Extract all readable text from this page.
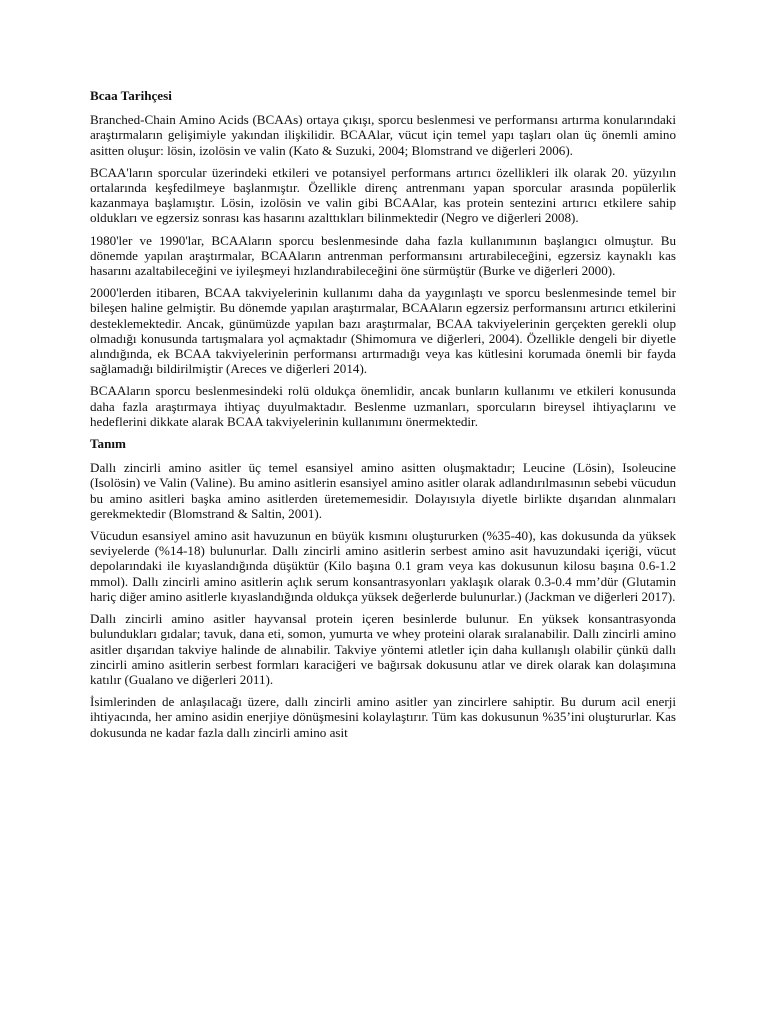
Bcaa Tarihçesi

Branched-Chain Amino Acids (BCAAs) ortaya çıkışı, sporcu beslenmesi ve performansı artırma konularındaki araştırmaların gelişimiyle yakından ilişkilidir. BCAAlar, vücut için temel yapı taşları olan üç önemli amino asitten oluşur: lösin, izolösin ve valin (Kato & Suzuki, 2004; Blomstrand ve diğerleri 2006).

BCAA'ların sporcular üzerindeki etkileri ve potansiyel performans artırıcı özellikleri ilk olarak 20. yüzyılın ortalarında keşfedilmeye başlanmıştır. Özellikle direnç antrenmanı yapan sporcular arasında popülerlik kazanmaya başlamıştır. Lösin, izolösin ve valin gibi BCAAlar, kas protein sentezini artırıcı etkilere sahip oldukları ve egzersiz sonrası kas hasarını azalttıkları bilinmektedir (Negro ve diğerleri 2008).

1980'ler ve 1990'lar, BCAAların sporcu beslenmesinde daha fazla kullanımının başlangıcı olmuştur. Bu dönemde yapılan araştırmalar, BCAAların antrenman performansını artırabileceğini, egzersiz kaynaklı kas hasarını azaltabileceğini ve iyileşmeyi hızlandırabileceğini öne sürmüştür (Burke ve diğerleri 2000).

2000'lerden itibaren, BCAA takviyelerinin kullanımı daha da yaygınlaştı ve sporcu beslenmesinde temel bir bileşen haline gelmiştir. Bu dönemde yapılan araştırmalar, BCAAların egzersiz performansını artırıcı etkilerini desteklemektedir. Ancak, günümüzde yapılan bazı araştırmalar, BCAA takviyelerinin gerçekten gerekli olup olmadığı konusunda tartışmalara yol açmaktadır (Shimomura ve diğerleri, 2004). Özellikle dengeli bir diyetle alındığında, ek BCAA takviyelerinin performansı artırmadığı veya kas kütlesini korumada önemli bir fayda sağlamadığı bildirilmiştir (Areces ve diğerleri 2014).

BCAAların sporcu beslenmesindeki rolü oldukça önemlidir, ancak bunların kullanımı ve etkileri konusunda daha fazla araştırmaya ihtiyaç duyulmaktadır. Beslenme uzmanları, sporcuların bireysel ihtiyaçlarını ve hedeflerini dikkate alarak BCAA takviyelerinin kullanımını önermektedir.

Tanım

Dallı zincirli amino asitler üç temel esansiyel amino asitten oluşmaktadır; Leucine (Lösin), Isoleucine (Isolösin) ve Valin (Valine). Bu amino asitlerin esansiyel amino asitler olarak adlandırılmasının sebebi vücudun bu amino asitleri başka amino asitlerden üretememesidir. Dolayısıyla diyetle birlikte dışarıdan alınmaları gerekmektedir (Blomstrand & Saltin, 2001).

Vücudun esansiyel amino asit havuzunun en büyük kısmını oluştururken (%35-40), kas dokusunda da yüksek seviyelerde (%14-18) bulunurlar. Dallı zincirli amino asitlerin serbest amino asit havuzundaki içeriği, vücut depolarındaki ile kıyaslandığında düşüktür (Kilo başına 0.1 gram veya kas dokusunun kilosu başına 0.6-1.2 mmol). Dallı zincirli amino asitlerin açlık serum konsantrasyonları yaklaşık olarak 0.3-0.4 mm’dür (Glutamin hariç diğer amino asitlerle kıyaslandığında oldukça yüksek değerlerde bulunurlar.) (Jackman ve diğerleri 2017).

Dallı zincirli amino asitler hayvansal protein içeren besinlerde bulunur. En yüksek konsantrasyonda bulundukları gıdalar; tavuk, dana eti, somon, yumurta ve whey proteini olarak sıralanabilir. Dallı zincirli amino asitler dışarıdan takviye halinde de alınabilir. Takviye yöntemi atletler için daha kullanışlı olabilir çünkü dallı zincirli amino asitlerin serbest formları karaciğeri ve bağırsak dokusunu atlar ve direk olarak kan dolaşımına katılır (Gualano ve diğerleri 2011).

İsimlerinden de anlaşılacağı üzere, dallı zincirli amino asitler yan zincirlere sahiptir. Bu durum acil enerji ihtiyacında, her amino asidin enerjiye dönüşmesini kolaylaştırır. Tüm kas dokusunun %35’ini oluştururlar. Kas dokusunda ne kadar fazla dallı zincirli amino asit
